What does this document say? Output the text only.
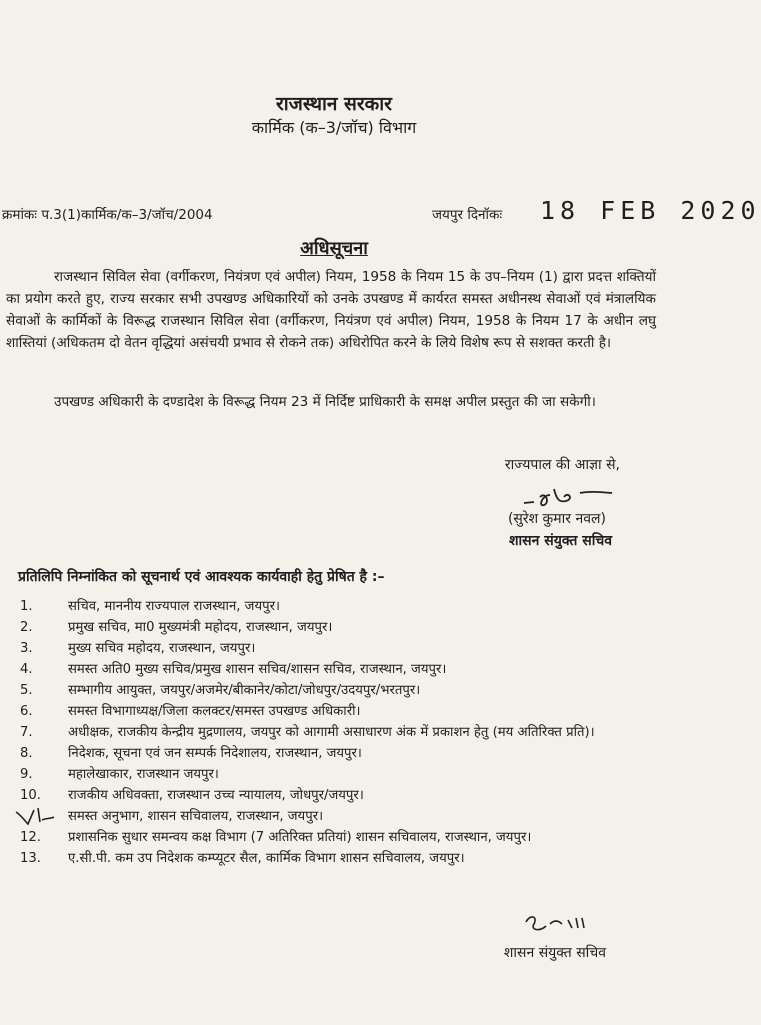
राजस्थान सरकार
कार्मिक (क–3/जॉच) विभाग
क्रमांकः प.3(1)कार्मिक/क–3/जॉच/2004	जयपुर दिनॉकः 18 FEB 2020
अधिसूचना
राजस्थान सिविल सेवा (वर्गीकरण, नियंत्रण एवं अपील) नियम, 1958 के नियम 15 के उप–नियम (1) द्वारा प्रदत्त शक्तियों का प्रयोग करते हुए, राज्य सरकार सभी उपखण्ड अधिकारियों को उनके उपखण्ड में कार्यरत समस्त अधीनस्थ सेवाओं एवं मंत्रालयिक सेवाओं के कार्मिकों के विरूद्ध राजस्थान सिविल सेवा (वर्गीकरण, नियंत्रण एवं अपील) नियम, 1958 के नियम 17 के अधीन लघु शास्तियां (अधिकतम दो वेतन वृद्धियां असंचयी प्रभाव से रोकने तक) अधिरोपित करने के लिये विशेष रूप से सशक्त करती है।
उपखण्ड अधिकारी के दण्डादेश के विरूद्ध नियम 23 में निर्दिष्ट प्राधिकारी के समक्ष अपील प्रस्तुत की जा सकेगी।
राज्यपाल की आज्ञा से,
(सुरेश कुमार नवल)
शासन संयुक्त सचिव
प्रतिलिपि निम्नांकित को सूचनार्थ एवं आवश्यक कार्यवाही हेतु प्रेषित है :–
1.	सचिव, माननीय राज्यपाल राजस्थान, जयपुर।
2.	प्रमुख सचिव, मा0 मुख्यमंत्री महोदय, राजस्थान, जयपुर।
3.	मुख्य सचिव महोदय, राजस्थान, जयपुर।
4.	समस्त अति0 मुख्य सचिव/प्रमुख शासन सचिव/शासन सचिव, राजस्थान, जयपुर।
5.	सम्भागीय आयुक्त, जयपुर/अजमेर/बीकानेर/कोटा/जोधपुर/उदयपुर/भरतपुर।
6.	समस्त विभागाध्यक्ष/जिला कलक्टर/समस्त उपखण्ड अधिकारी।
7.	अधीक्षक, राजकीय केन्द्रीय मुद्रणालय, जयपुर को आगामी असाधारण अंक में प्रकाशन हेतु (मय अतिरिक्त प्रति)।
8.	निदेशक, सूचना एवं जन सम्पर्क निदेशालय, राजस्थान, जयपुर।
9.	महालेखाकार, राजस्थान जयपुर।
10.	राजकीय अधिवक्ता, राजस्थान उच्च न्यायालय, जोधपुर/जयपुर।
समस्त अनुभाग, शासन सचिवालय, राजस्थान, जयपुर।
12.	प्रशासनिक सुधार समन्वय कक्ष विभाग (7 अतिरिक्त प्रतियां) शासन सचिवालय, राजस्थान, जयपुर।
13.	ए.सी.पी. कम उप निदेशक कम्प्यूटर सैल, कार्मिक विभाग शासन सचिवालय, जयपुर।
शासन संयुक्त सचिव
